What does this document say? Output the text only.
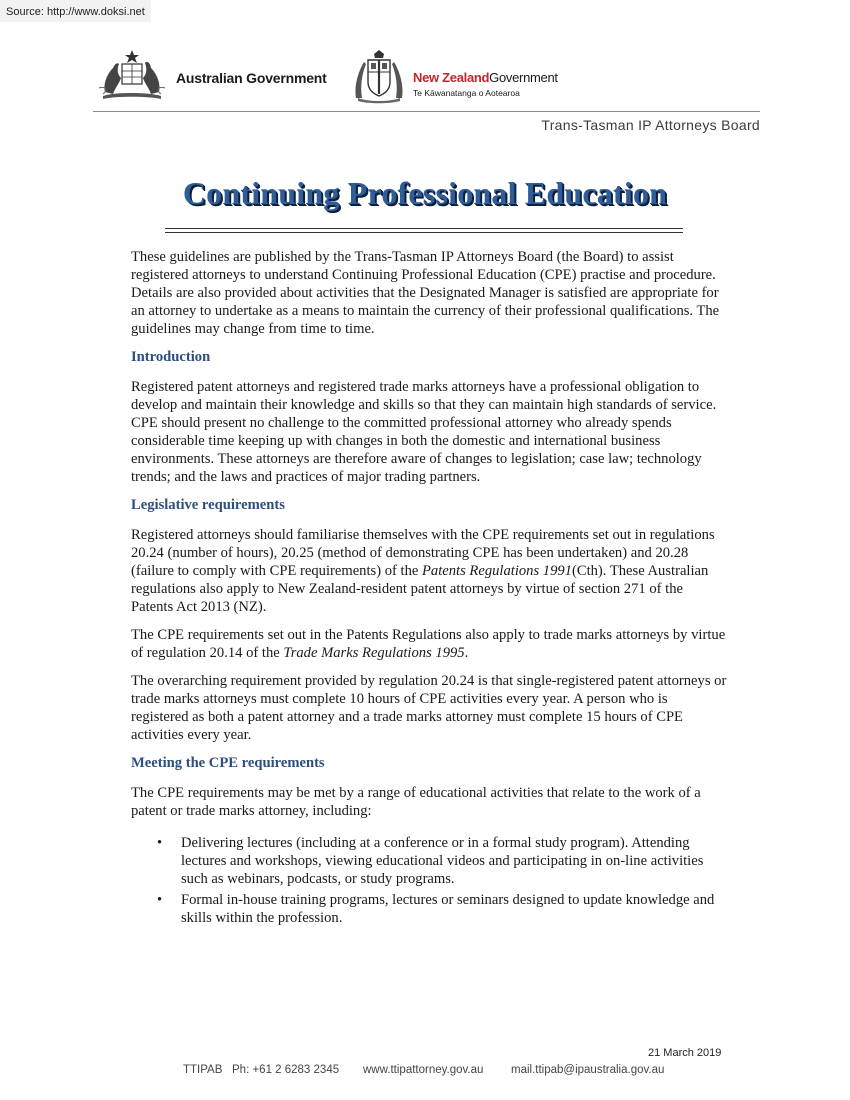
Source: http://www.doksi.net
Australian Government	New ZealandGovernment
Te Kāwanatanga o Aotearoa
Trans-Tasman IP Attorneys Board
Continuing Professional Education

These guidelines are published by the Trans-Tasman IP Attorneys Board (the Board) to assist registered attorneys to understand Continuing Professional Education (CPE) practise and procedure. Details are also provided about activities that the Designated Manager is satisfied are appropriate for an attorney to undertake as a means to maintain the currency of their professional qualifications. The guidelines may change from time to time.

Introduction

Registered patent attorneys and registered trade marks attorneys have a professional obligation to develop and maintain their knowledge and skills so that they can maintain high standards of service. CPE should present no challenge to the committed professional attorney who already spends considerable time keeping up with changes in both the domestic and international business environments. These attorneys are therefore aware of changes to legislation; case law; technology trends; and the laws and practices of major trading partners.

Legislative requirements

Registered attorneys should familiarise themselves with the CPE requirements set out in regulations 20.24 (number of hours), 20.25 (method of demonstrating CPE has been undertaken) and 20.28 (failure to comply with CPE requirements) of the Patents Regulations 1991(Cth). These Australian regulations also apply to New Zealand-resident patent attorneys by virtue of section 271 of the Patents Act 2013 (NZ).

The CPE requirements set out in the Patents Regulations also apply to trade marks attorneys by virtue of regulation 20.14 of the Trade Marks Regulations 1995.

The overarching requirement provided by regulation 20.24 is that single-registered patent attorneys or trade marks attorneys must complete 10 hours of CPE activities every year. A person who is registered as both a patent attorney and a trade marks attorney must complete 15 hours of CPE activities every year.

Meeting the CPE requirements

The CPE requirements may be met by a range of educational activities that relate to the work of a patent or trade marks attorney, including:

• Delivering lectures (including at a conference or in a formal study program). Attending lectures and workshops, viewing educational videos and participating in on-line activities such as webinars, podcasts, or study programs.
• Formal in-house training programs, lectures or seminars designed to update knowledge and skills within the profession.
21 March 2019
TTIPAB Ph: +61 2 6283 2345 www.ttipattorney.gov.au mail.ttipab@ipaustralia.gov.au
